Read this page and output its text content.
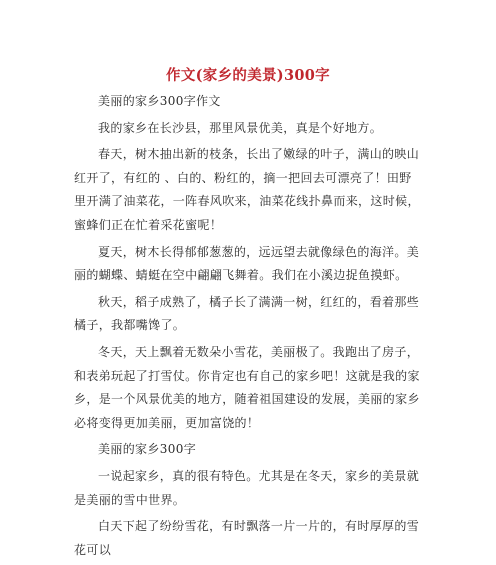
作文(家乡的美景)300字

美丽的家乡300字作文

我的家乡在长沙县，那里风景优美，真是个好地方。

春天，树木抽出新的枝条，长出了嫩绿的叶子，满山的映山红开了，有红的 、白的、粉红的，摘一把回去可漂亮了！田野里开满了油菜花，一阵春风吹来，油菜花线扑鼻而来，这时候，蜜蜂们正在忙着采花蜜呢！

夏天，树木长得郁郁葱葱的，远远望去就像绿色的海洋。美丽的蝴蝶、蜻蜓在空中翩翩飞舞着。我们在小溪边捉鱼摸虾。

秋天，稻子成熟了，橘子长了满满一树，红红的，看着那些橘子，我都嘴馋了。

冬天，天上飘着无数朵小雪花，美丽极了。我跑出了房子，和表弟玩起了打雪仗。你肯定也有自己的家乡吧！这就是我的家乡，是一个风景优美的地方，随着祖国建设的发展，美丽的家乡必将变得更加美丽，更加富饶的！

美丽的家乡300字

一说起家乡，真的很有特色。尤其是在冬天，家乡的美景就是美丽的雪中世界。

白天下起了纷纷雪花，有时飘落一片一片的，有时厚厚的雪花可以
